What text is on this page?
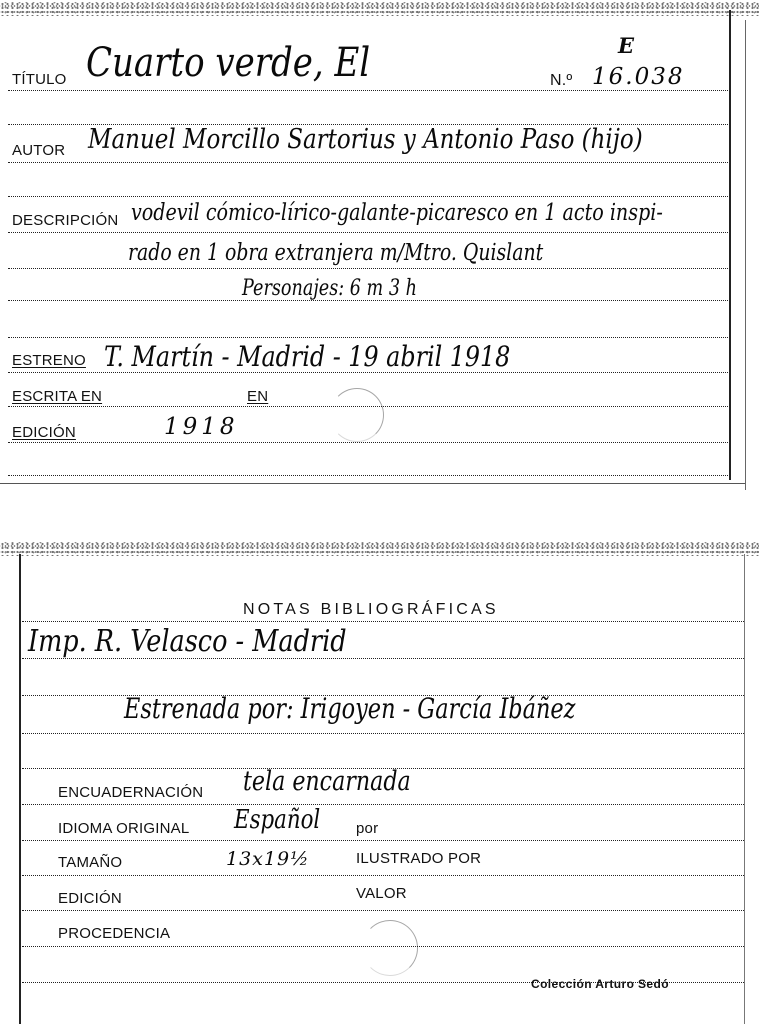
TÍTULO Cuarto verde, El	N.º 16.038
E
AUTOR Manuel Morcillo Sartorius y Antonio Paso (hijo)
DESCRIPCIÓN vodevil cómico-lírico-galante-picaresco en 1 acto inspi-
rado en 1 obra extranjera m/Mtro. Quislant
Personajes: 6 m 3 h
ESTRENO T. Martín - Madrid - 19 abril 1918
ESCRITA EN	EN
EDICIÓN	1918
NOTAS BIBLIOGRÁFICAS
Imp. R. Velasco - Madrid
Estrenada por: Irigoyen - García Ibáñez
ENCUADERNACIÓN tela encarnada
IDIOMA ORIGINAL Español por
TAMAÑO	13x19½	ILUSTRADO POR
EDICIÓN	VALOR
PROCEDENCIA
Colección Arturo Sedó
